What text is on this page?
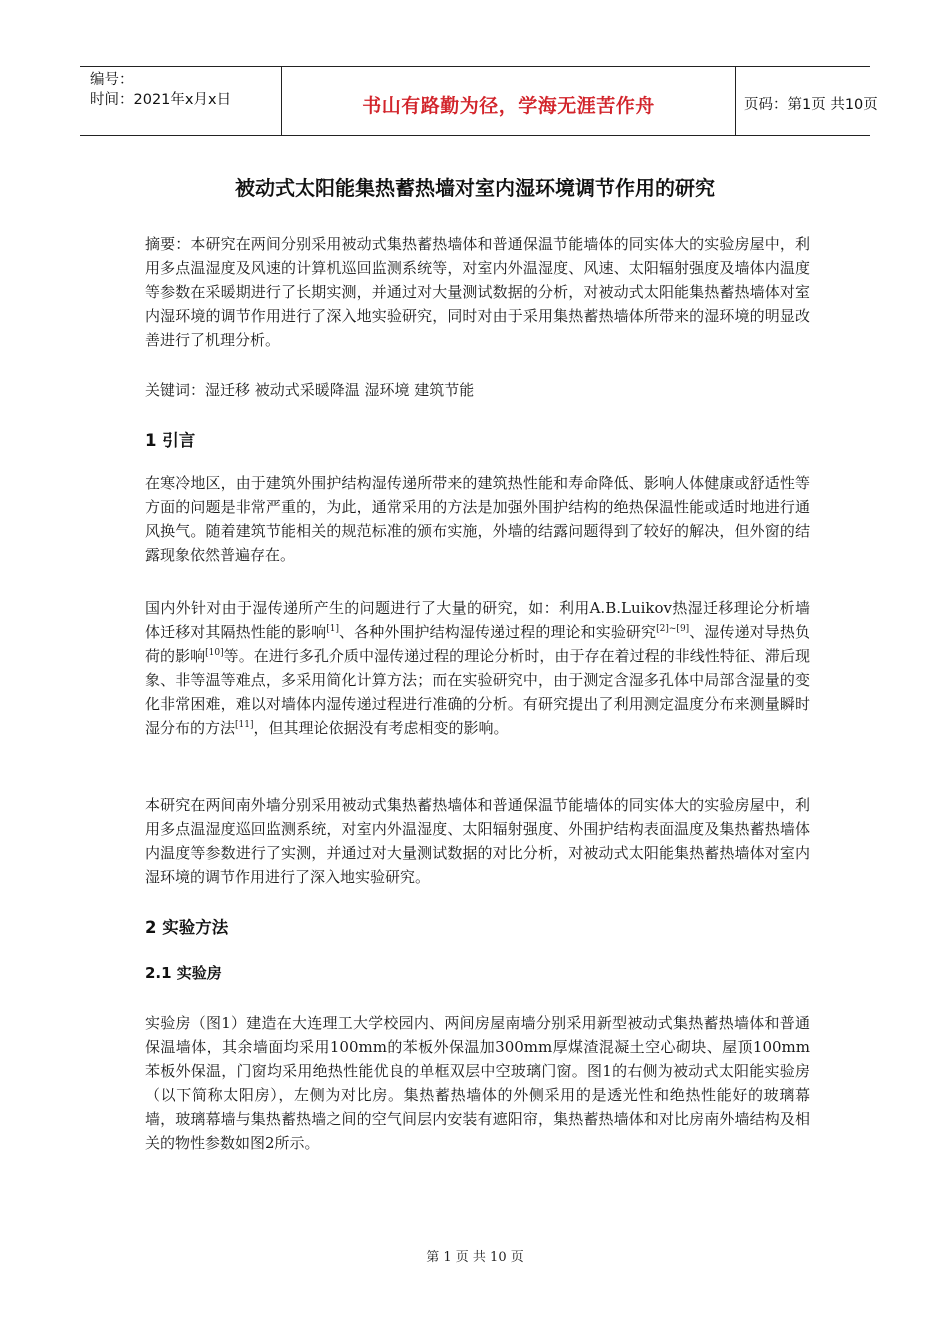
编号：
时间：2021年x月x日	书山有路勤为径，学海无涯苦作舟	页码：第1页 共10页
被动式太阳能集热蓄热墙对室内湿环境调节作用的研究
摘要：本研究在两间分别采用被动式集热蓄热墙体和普通保温节能墙体的同实体大的实验房屋中，利用多点温湿度及风速的计算机巡回监测系统等，对室内外温湿度、风速、太阳辐射强度及墙体内温度等参数在采暖期进行了长期实测，并通过对大量测试数据的分析，对被动式太阳能集热蓄热墙体对室内湿环境的调节作用进行了深入地实验研究，同时对由于采用集热蓄热墙体所带来的湿环境的明显改善进行了机理分析。
关键词：湿迁移 被动式采暖降温 湿环境 建筑节能
1 引言
在寒冷地区，由于建筑外围护结构湿传递所带来的建筑热性能和寿命降低、影响人体健康或舒适性等方面的问题是非常严重的，为此，通常采用的方法是加强外围护结构的绝热保温性能或适时地进行通风换气。随着建筑节能相关的规范标准的颁布实施，外墙的结露问题得到了较好的解决，但外窗的结露现象依然普遍存在。
国内外针对由于湿传递所产生的问题进行了大量的研究，如：利用A.B.Luikov热湿迁移理论分析墙体迁移对其隔热性能的影响[1]、各种外围护结构湿传递过程的理论和实验研究[2]~[9]、湿传递对导热负荷的影响[10]等。在进行多孔介质中湿传递过程的理论分析时，由于存在着过程的非线性特征、滞后现象、非等温等难点，多采用简化计算方法；而在实验研究中，由于测定含湿多孔体中局部含湿量的变化非常困难，难以对墙体内湿传递过程进行准确的分析。有研究提出了利用测定温度分布来测量瞬时湿分布的方法[11]，但其理论依据没有考虑相变的影响。
本研究在两间南外墙分别采用被动式集热蓄热墙体和普通保温节能墙体的同实体大的实验房屋中，利用多点温湿度巡回监测系统，对室内外温湿度、太阳辐射强度、外围护结构表面温度及集热蓄热墙体内温度等参数进行了实测，并通过对大量测试数据的对比分析，对被动式太阳能集热蓄热墙体对室内湿环境的调节作用进行了深入地实验研究。
2 实验方法
2.1 实验房
实验房（图1）建造在大连理工大学校园内、两间房屋南墙分别采用新型被动式集热蓄热墙体和普通保温墙体，其余墙面均采用100mm的苯板外保温加300mm厚煤渣混凝土空心砌块、屋顶100mm苯板外保温，门窗均采用绝热性能优良的单框双层中空玻璃门窗。图1的右侧为被动式太阳能实验房（以下简称太阳房），左侧为对比房。集热蓄热墙体的外侧采用的是透光性和绝热性能好的玻璃幕墙，玻璃幕墙与集热蓄热墙之间的空气间层内安装有遮阳帘，集热蓄热墙体和对比房南外墙结构及相关的物性参数如图2所示。
第 1 页 共 10 页
